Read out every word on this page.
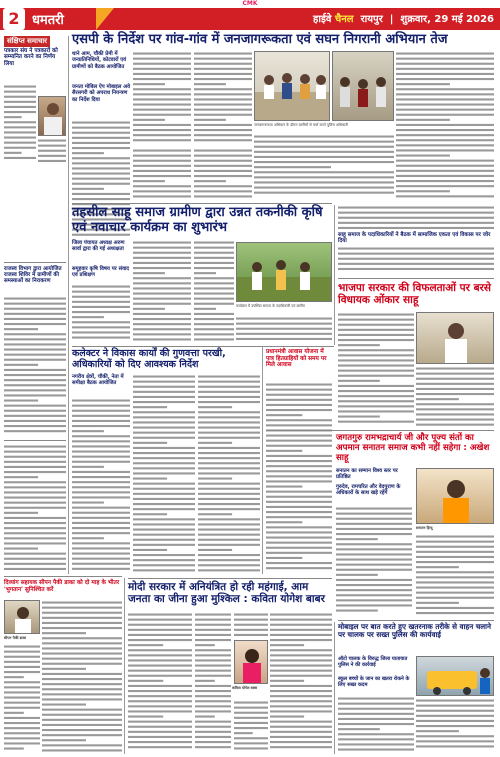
CMK
2 धमतरी	हाईवे चैनल रायपुर  |  शुक्रवार, 29 मई 2026
संक्षिप्त समाचार
पत्रकार संघ ने पत्रकारों को सम्मानित करने का निर्णय लिया
राजस्व विभाग द्वारा आयोजित राजस्व शिविर में ग्रामीणों की समस्याओं का निराकरण
एसपी के निर्देश पर गांव-गांव में जनजागरूकता एवं सघन निगरानी अभियान तेज
थाने आम, चौकी प्रेमी में जनप्रतिनिधियों, कोटवारों एवं ग्रामीणों को बैठक आयोजित
जनता मोबिल ऐप मोबाइल अवे सैरसगरी को अपराध नियन्त्रण का निर्देश दिया
जनजागरूकता अभियान के दौरान ग्रामीणों से चर्चा करते पुलिस अधिकारी
तहसील साहू समाज ग्रामीण द्वारा उन्नत तकनीकी कृषि एवं नवाचार कार्यक्रम का शुभारंभ
जिला पंचायत अध्यक्ष अरुण सार्वा द्वारा की गई अध्यक्षता
समूहवार कृषि विषय पर संवाद एवं प्रशिक्षण
कार्यक्रम में उपस्थित समाज के पदाधिकारी एवं ग्रामीण
साहू समाज के पदाधिकारियों ने बैठक में सामाजिक एकता एवं विकास पर जोर दिया
भाजपा सरकार की विफलताओं पर बरसे विधायक ओंकार साहू
कलेक्टर ने विकास कार्यों की गुणवत्ता परखी, अधिकारियों को दिए आवश्यक निर्देश
नगरीय क्षेत्रों, चौकी, नेता में समीक्षा बैठक आयोजित
प्रधानमंत्री आवास योजना में पात्र हितग्राहियों को समय पर मिले आवास
जगतगुरु रामभद्राचार्य जी और पूज्य संतों का अपमान सनातन समाज कभी नहीं सहेगा : अखेश साहू
सनातन का सम्मान विश्व स्तर पर प्रतिष्ठित
गुरुदेव, रामचरित और वेदपुराण के अधिकारों के साथ खड़े रहेंगे
सनातन हिन्दू
दिव्यांग सहायक सीपन पैकी डाका को दो माह के भीतर 'भुगतान' सुनिश्चित करें
सीपन पैकी डाका
मोदी सरकार में अनियंत्रित हो रही महंगाई, आम जनता का जीना हुआ मुश्किल : कविता योगेश बाबर
कविता योगेश बाबर
मोबाइल पर बात करते हुए खतरनाक तरीके से वाहन चलाने पर चालक पर सख्त पुलिस की कार्यवाई
ऑटो चालक के विरुद्ध जिला यातायात पुलिस ने की कार्रवाई
स्कूल बच्चों के जान का खतरा रोकने के लिए सख्त कदम
